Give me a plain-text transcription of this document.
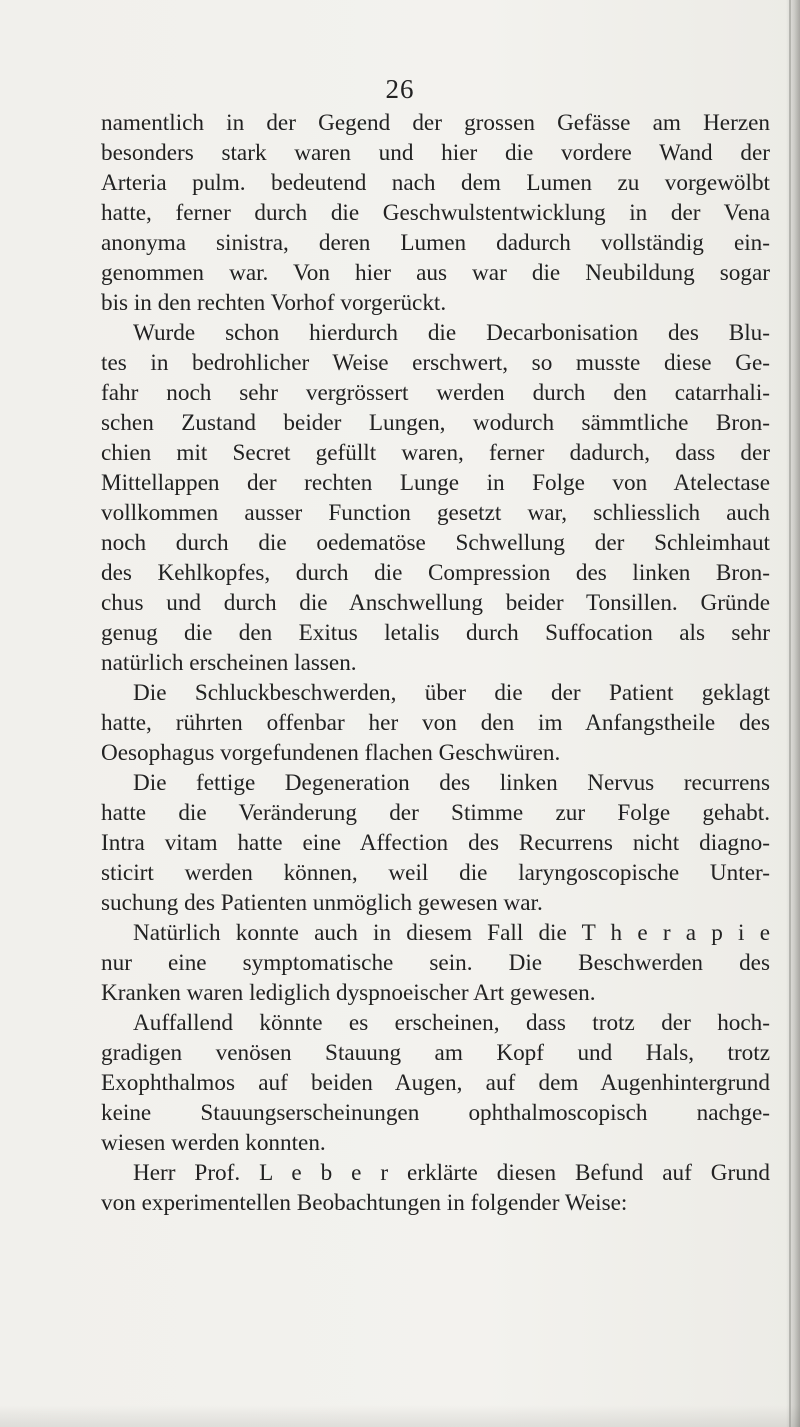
26
namentlich in der Gegend der grossen Gefässe am Herzen
besonders stark waren und hier die vordere Wand der
Arteria pulm. bedeutend nach dem Lumen zu vorgewölbt
hatte, ferner durch die Geschwulstentwicklung in der Vena
anonyma sinistra, deren Lumen dadurch vollständig ein-
genommen war. Von hier aus war die Neubildung sogar
bis in den rechten Vorhof vorgerückt.
Wurde schon hierdurch die Decarbonisation des Blu-
tes in bedrohlicher Weise erschwert, so musste diese Ge-
fahr noch sehr vergrössert werden durch den catarrhali-
schen Zustand beider Lungen, wodurch sämmtliche Bron-
chien mit Secret gefüllt waren, ferner dadurch, dass der
Mittellappen der rechten Lunge in Folge von Atelectase
vollkommen ausser Function gesetzt war, schliesslich auch
noch durch die oedematöse Schwellung der Schleimhaut
des Kehlkopfes, durch die Compression des linken Bron-
chus und durch die Anschwellung beider Tonsillen. Gründe
genug die den Exitus letalis durch Suffocation als sehr
natürlich erscheinen lassen.
Die Schluckbeschwerden, über die der Patient geklagt
hatte, rührten offenbar her von den im Anfangstheile des
Oesophagus vorgefundenen flachen Geschwüren.
Die fettige Degeneration des linken Nervus recurrens
hatte die Veränderung der Stimme zur Folge gehabt.
Intra vitam hatte eine Affection des Recurrens nicht diagno-
sticirt werden können, weil die laryngoscopische Unter-
suchung des Patienten unmöglich gewesen war.
Natürlich konnte auch in diesem Fall die T h e r a p i e
nur eine symptomatische sein. Die Beschwerden des
Kranken waren lediglich dyspnoeischer Art gewesen.
Auffallend könnte es erscheinen, dass trotz der hoch-
gradigen venösen Stauung am Kopf und Hals, trotz
Exophthalmos auf beiden Augen, auf dem Augenhintergrund
keine Stauungserscheinungen ophthalmoscopisch nachge-
wiesen werden konnten.
Herr Prof. L e b e r erklärte diesen Befund auf Grund
von experimentellen Beobachtungen in folgender Weise:
